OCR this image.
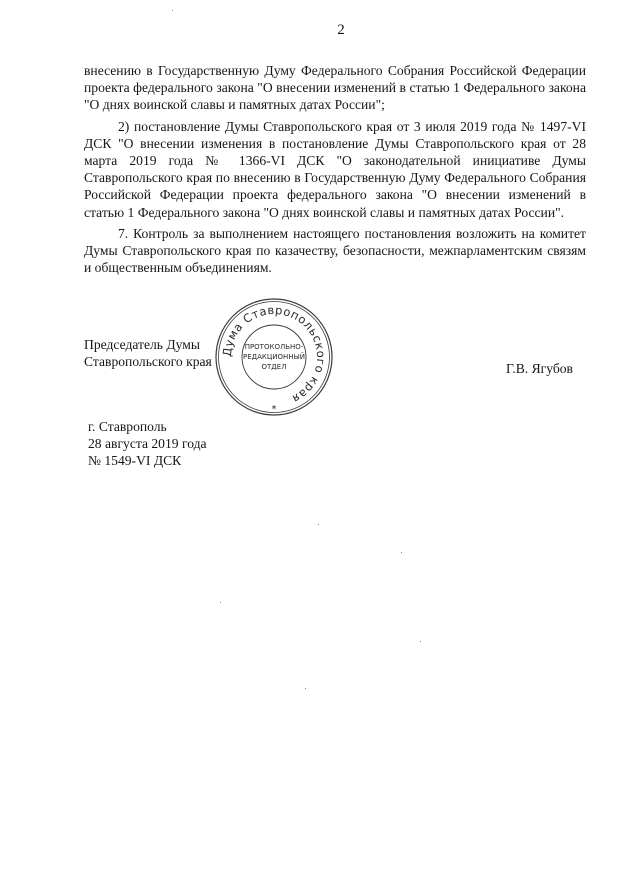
2

внесению в Государственную Думу Федерального Собрания Российской Федерации проекта федерального закона "О внесении изменений в статью 1 Федерального закона "О днях воинской славы и памятных датах России";

2) постановление Думы Ставропольского края от 3 июля 2019 года № 1497-VI ДСК "О внесении изменения в постановление Думы Ставропольского края от 28 марта 2019 года № 1366-VI ДСК "О законодательной инициативе Думы Ставропольского края по внесению в Государственную Думу Федерального Собрания Российской Федерации проекта федерального закона "О внесении изменений в статью 1 Федерального закона "О днях воинской славы и памятных датах России".

7. Контроль за выполнением настоящего постановления возложить на комитет Думы Ставропольского края по казачеству, безопасности, межпарламентским связям и общественным объединениям.

Председатель Думы
Ставропольского края
Дума Ставропольского края
ПРОТОКОЛЬНО-
РЕДАКЦИОННЫЙ
ОТДЕЛ
*
Г.В. Ягубов
г. Ставрополь
28 августа 2019 года
№ 1549-VI ДСК
